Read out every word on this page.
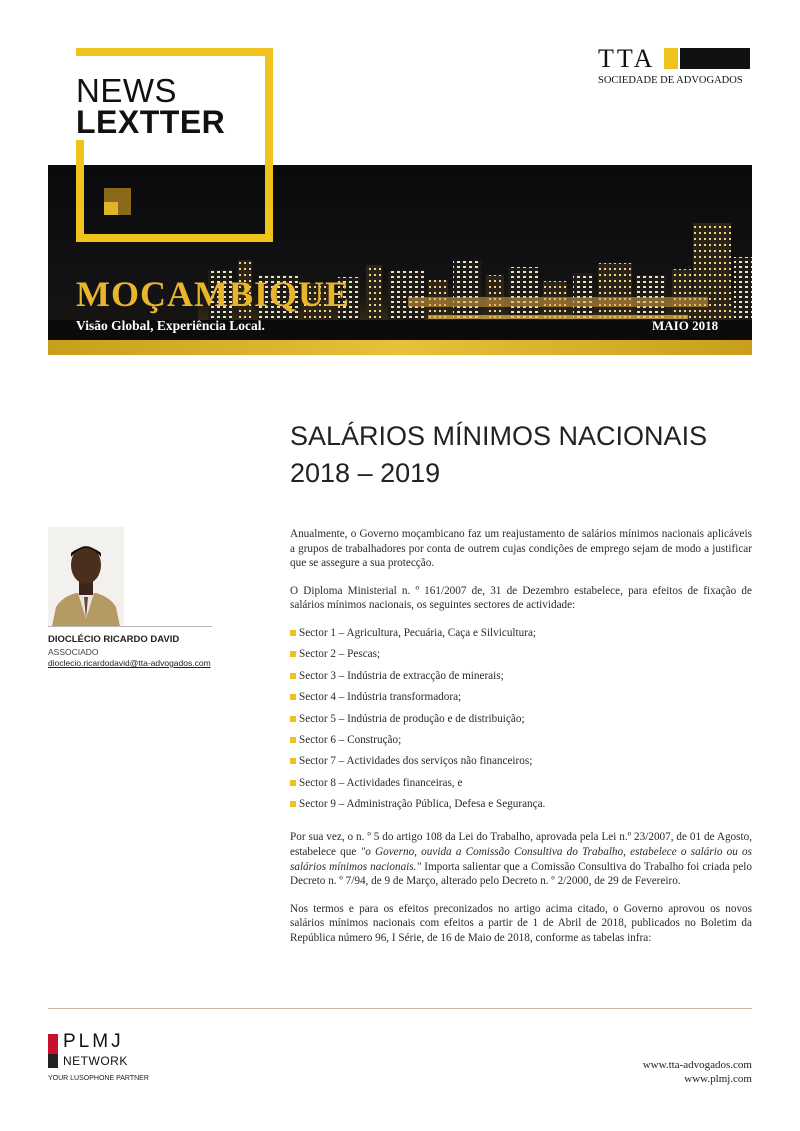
TTA
SOCIEDADE DE ADVOGADOS
NEWS
LEXTTER
MOÇAMBIQUE
Visão Global, Experiência Local.	MAIO 2018
SALÁRIOS MÍNIMOS NACIONAIS
2018 – 2019
DIOCLÉCIO RICARDO DAVID
ASSOCIADO
dioclecio.ricardodavid@tta-advogados.com

Anualmente, o Governo moçambicano faz um reajustamento de salários mínimos nacionais aplicáveis a grupos de trabalhadores por conta de outrem cujas condições de emprego sejam de modo a justificar que se assegure a sua protecção.

O Diploma Ministerial n. º 161/2007 de, 31 de Dezembro estabelece, para efeitos de fixação de salários mínimos nacionais, os seguintes sectores de actividade:

Sector 1 – Agricultura, Pecuária, Caça e Silvicultura;
Sector 2 – Pescas;
Sector 3 – Indústria de extracção de minerais;
Sector 4 – Indústria transformadora;
Sector 5 – Indústria de produção e de distribuição;
Sector 6 – Construção;
Sector 7 – Actividades dos serviços não financeiros;
Sector 8 – Actividades financeiras, e
Sector 9 – Administração Pública, Defesa e Segurança.

Por sua vez, o n. º 5 do artigo 108 da Lei do Trabalho, aprovada pela Lei n.º 23/2007, de 01 de Agosto, estabelece que "o Governo, ouvida a Comissão Consultiva do Trabalho, estabelece o salário ou os salários mínimos nacionais." Importa salientar que a Comissão Consultiva do Trabalho foi criada pelo Decreto n. º 7/94, de 9 de Março, alterado pelo Decreto n. º 2/2000, de 29 de Fevereiro.

Nos termos e para os efeitos preconizados no artigo acima citado, o Governo aprovou os novos salários mínimos nacionais com efeitos a partir de 1 de Abril de 2018, publicados no Boletim da República número 96, I Série, de 16 de Maio de 2018, conforme as tabelas infra:

PLMJ
NETWORK
YOUR LUSOPHONE PARTNER
www.tta-advogados.com
www.plmj.com
